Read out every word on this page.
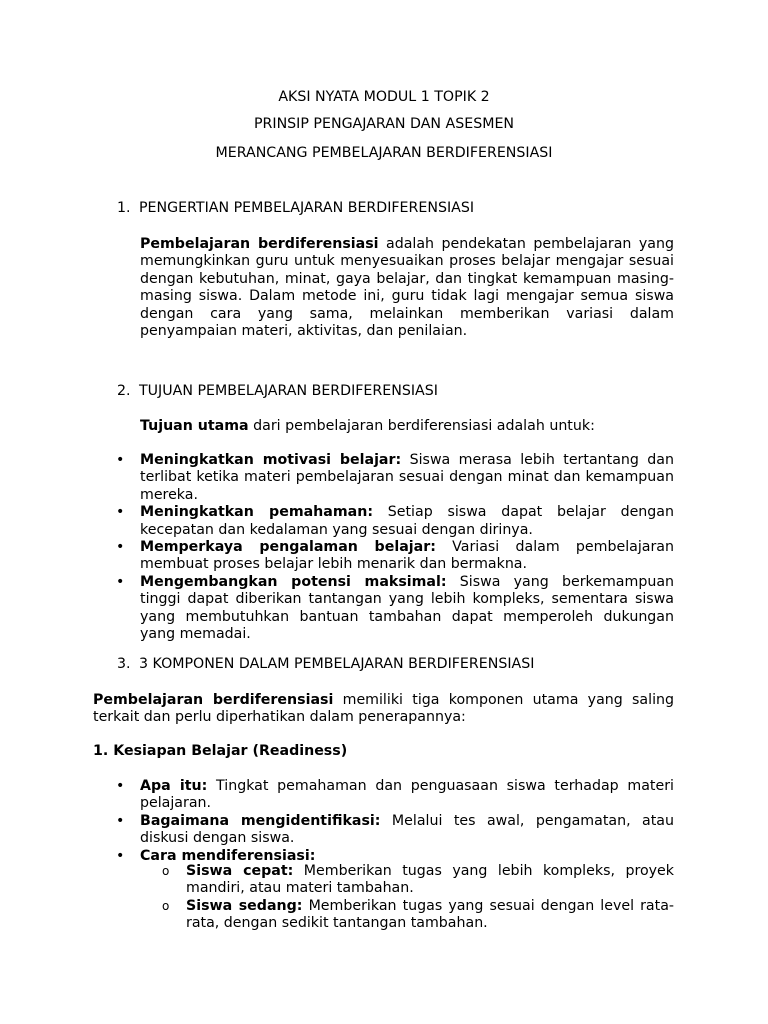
AKSI NYATA MODUL 1 TOPIK 2
PRINSIP PENGAJARAN DAN ASESMEN
MERANCANG PEMBELAJARAN BERDIFERENSIASI
1. PENGERTIAN PEMBELAJARAN BERDIFERENSIASI
Pembelajaran berdiferensiasi adalah pendekatan pembelajaran yang memungkinkan guru untuk menyesuaikan proses belajar mengajar sesuai dengan kebutuhan, minat, gaya belajar, dan tingkat kemampuan masing-masing siswa. Dalam metode ini, guru tidak lagi mengajar semua siswa dengan cara yang sama, melainkan memberikan variasi dalam penyampaian materi, aktivitas, dan penilaian.
2. TUJUAN PEMBELAJARAN BERDIFERENSIASI
Tujuan utama dari pembelajaran berdiferensiasi adalah untuk:
• Meningkatkan motivasi belajar: Siswa merasa lebih tertantang dan terlibat ketika materi pembelajaran sesuai dengan minat dan kemampuan mereka.
• Meningkatkan pemahaman: Setiap siswa dapat belajar dengan kecepatan dan kedalaman yang sesuai dengan dirinya.
• Memperkaya pengalaman belajar: Variasi dalam pembelajaran membuat proses belajar lebih menarik dan bermakna.
• Mengembangkan potensi maksimal: Siswa yang berkemampuan tinggi dapat diberikan tantangan yang lebih kompleks, sementara siswa yang membutuhkan bantuan tambahan dapat memperoleh dukungan yang memadai.
3. 3 KOMPONEN DALAM PEMBELAJARAN BERDIFERENSIASI
Pembelajaran berdiferensiasi memiliki tiga komponen utama yang saling terkait dan perlu diperhatikan dalam penerapannya:
1. Kesiapan Belajar (Readiness)
• Apa itu: Tingkat pemahaman dan penguasaan siswa terhadap materi pelajaran.
• Bagaimana mengidentifikasi: Melalui tes awal, pengamatan, atau diskusi dengan siswa.
• Cara mendiferensiasi:
o Siswa cepat: Memberikan tugas yang lebih kompleks, proyek mandiri, atau materi tambahan.
o Siswa sedang: Memberikan tugas yang sesuai dengan level rata-rata, dengan sedikit tantangan tambahan.
